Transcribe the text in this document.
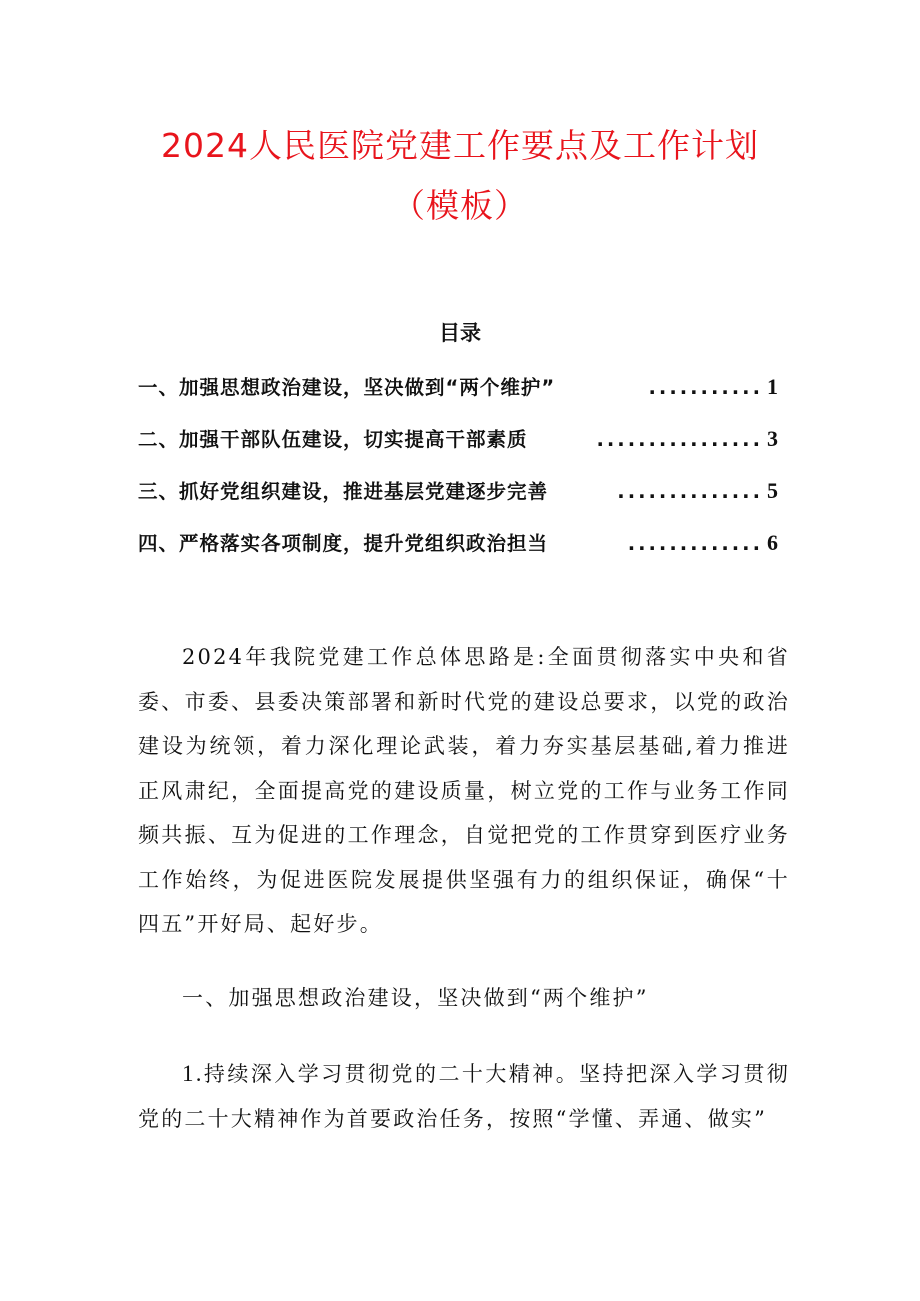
2024人民医院党建工作要点及工作计划
（模板）
目录
一、加强思想政治建设，坚决做到“两个维护”	........... 1
二、加强干部队伍建设，切实提高干部素质	................ 3
三、抓好党组织建设，推进基层党建逐步完善	.............. 5
四、严格落实各项制度，提升党组织政治担当	............. 6

2024年我院党建工作总体思路是:全面贯彻落实中央和省委、市委、县委决策部署和新时代党的建设总要求，以党的政治建设为统领，着力深化理论武装，着力夯实基层基础,着力推进正风肃纪，全面提高党的建设质量，树立党的工作与业务工作同频共振、互为促进的工作理念，自觉把党的工作贯穿到医疗业务工作始终，为促进医院发展提供坚强有力的组织保证，确保“十四五”开好局、起好步。

一、加强思想政治建设，坚决做到“两个维护”

1.持续深入学习贯彻党的二十大精神。坚持把深入学习贯彻党的二十大精神作为首要政治任务，按照“学懂、弄通、做实”
